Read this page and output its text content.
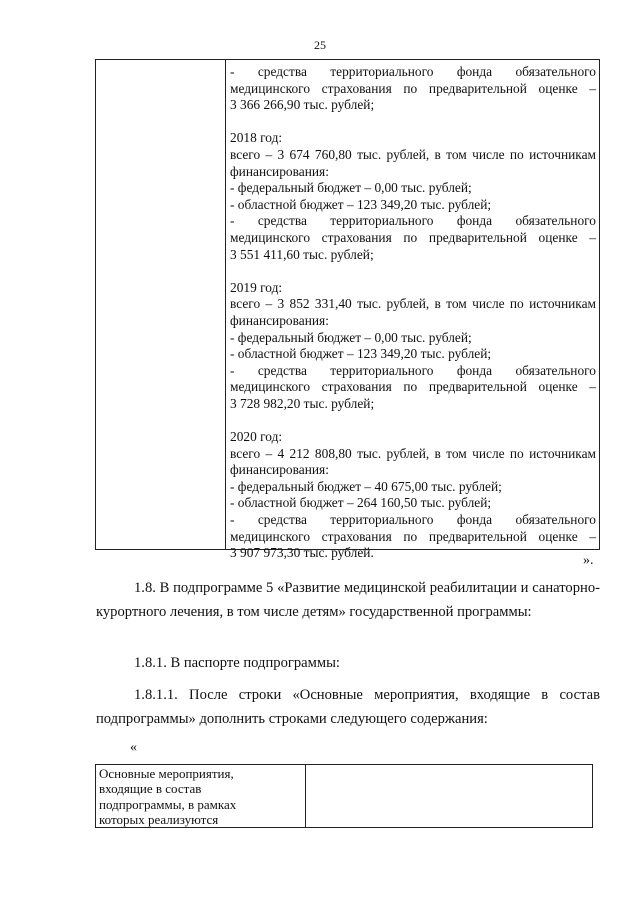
25
- средства территориального фонда обязательного
медицинского страхования по предварительной оценке –
3 366 266,90 тыс. рублей;
2018 год:
всего – 3 674 760,80 тыс. рублей, в том числе по источникам
финансирования:
- федеральный бюджет – 0,00 тыс. рублей;
- областной бюджет – 123 349,20 тыс. рублей;
- средства территориального фонда обязательного
медицинского страхования по предварительной оценке –
3 551 411,60 тыс. рублей;
2019 год:
всего – 3 852 331,40 тыс. рублей, в том числе по источникам
финансирования:
- федеральный бюджет – 0,00 тыс. рублей;
- областной бюджет – 123 349,20 тыс. рублей;
- средства территориального фонда обязательного
медицинского страхования по предварительной оценке –
3 728 982,20 тыс. рублей;
2020 год:
всего – 4 212 808,80 тыс. рублей, в том числе по источникам
финансирования:
- федеральный бюджет – 40 675,00 тыс. рублей;
- областной бюджет – 264 160,50 тыс. рублей;
- средства территориального фонда обязательного
медицинского страхования по предварительной оценке –
3 907 973,30 тыс. рублей.
».
1.8. В подпрограмме 5 «Развитие медицинской реабилитации и санаторно-курортного лечения, в том числе детям» государственной программы:
1.8.1. В паспорте подпрограммы:
1.8.1.1. После строки «Основные мероприятия, входящие в состав подпрограммы» дополнить строками следующего содержания:
«
Основные мероприятия,
входящие в состав
подпрограммы, в рамках
которых реализуются
